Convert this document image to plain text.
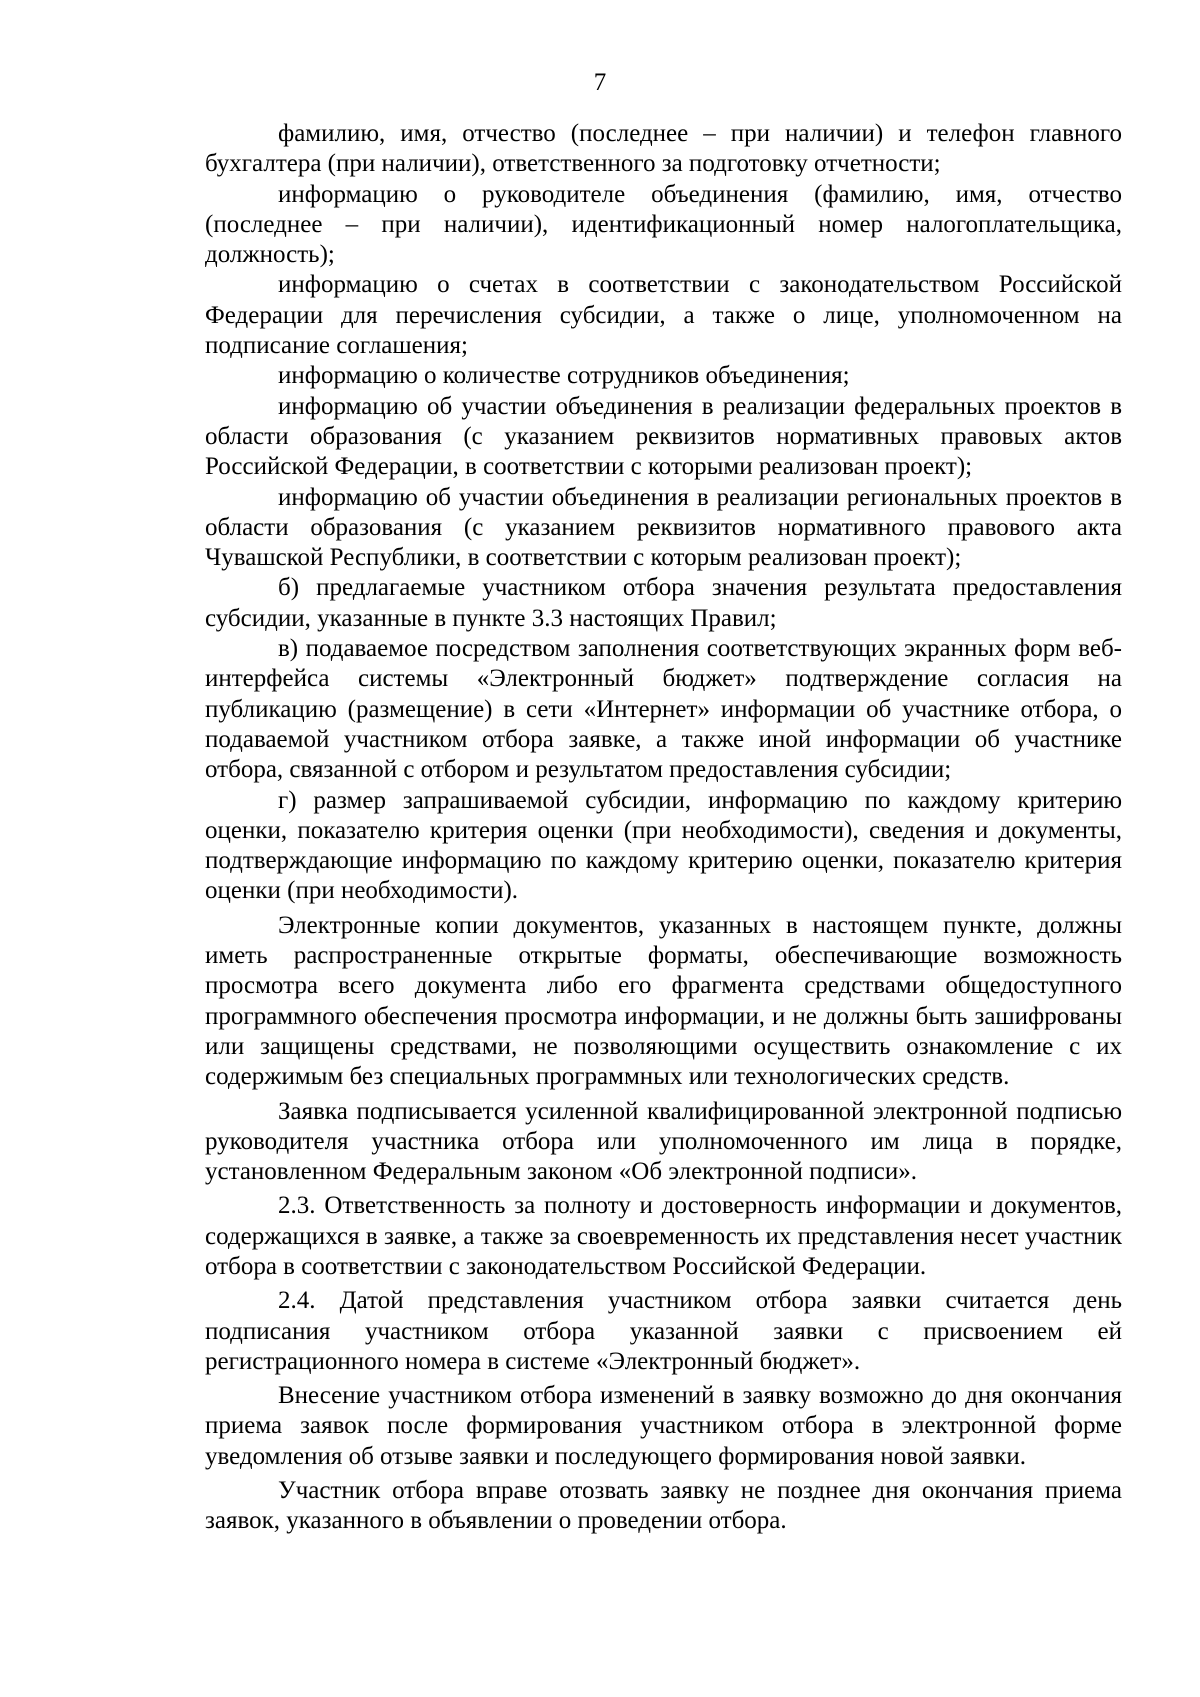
7

фамилию, имя, отчество (последнее – при наличии) и телефон главного бухгалтера (при наличии), ответственного за подготовку отчетности;

информацию о руководителе объединения (фамилию, имя, отчество (последнее – при наличии), идентификационный номер налогоплательщика, должность);

информацию о счетах в соответствии с законодательством Российской Федерации для перечисления субсидии, а также о лице, уполномоченном на подписание соглашения;

информацию о количестве сотрудников объединения;

информацию об участии объединения в реализации федеральных проектов в области образования (с указанием реквизитов нормативных правовых актов Российской Федерации, в соответствии с которыми реализован проект);

информацию об участии объединения в реализации региональных проектов в области образования (с указанием реквизитов нормативного правового акта Чувашской Республики, в соответствии с которым реализован проект);

б) предлагаемые участником отбора значения результата предоставления субсидии, указанные в пункте 3.3 настоящих Правил;

в) подаваемое посредством заполнения соответствующих экранных форм веб-интерфейса системы «Электронный бюджет» подтверждение согласия на публикацию (размещение) в сети «Интернет» информации об участнике отбора, о подаваемой участником отбора заявке, а также иной информации об участнике отбора, связанной с отбором и результатом предоставления субсидии;

г) размер запрашиваемой субсидии, информацию по каждому критерию оценки, показателю критерия оценки (при необходимости), сведения и документы, подтверждающие информацию по каждому критерию оценки, показателю критерия оценки (при необходимости).

Электронные копии документов, указанных в настоящем пункте, должны иметь распространенные открытые форматы, обеспечивающие возможность просмотра всего документа либо его фрагмента средствами общедоступного программного обеспечения просмотра информации, и не должны быть зашифрованы или защищены средствами, не позволяющими осуществить ознакомление с их содержимым без специальных программных или технологических средств.

Заявка подписывается усиленной квалифицированной электронной подписью руководителя участника отбора или уполномоченного им лица в порядке, установленном Федеральным законом «Об электронной подписи».

2.3. Ответственность за полноту и достоверность информации и документов, содержащихся в заявке, а также за своевременность их представления несет участник отбора в соответствии с законодательством Российской Федерации.

2.4. Датой представления участником отбора заявки считается день подписания участником отбора указанной заявки с присвоением ей регистрационного номера в системе «Электронный бюджет».

Внесение участником отбора изменений в заявку возможно до дня окончания приема заявок после формирования участником отбора в электронной форме уведомления об отзыве заявки и последующего формирования новой заявки.

Участник отбора вправе отозвать заявку не позднее дня окончания приема заявок, указанного в объявлении о проведении отбора.
